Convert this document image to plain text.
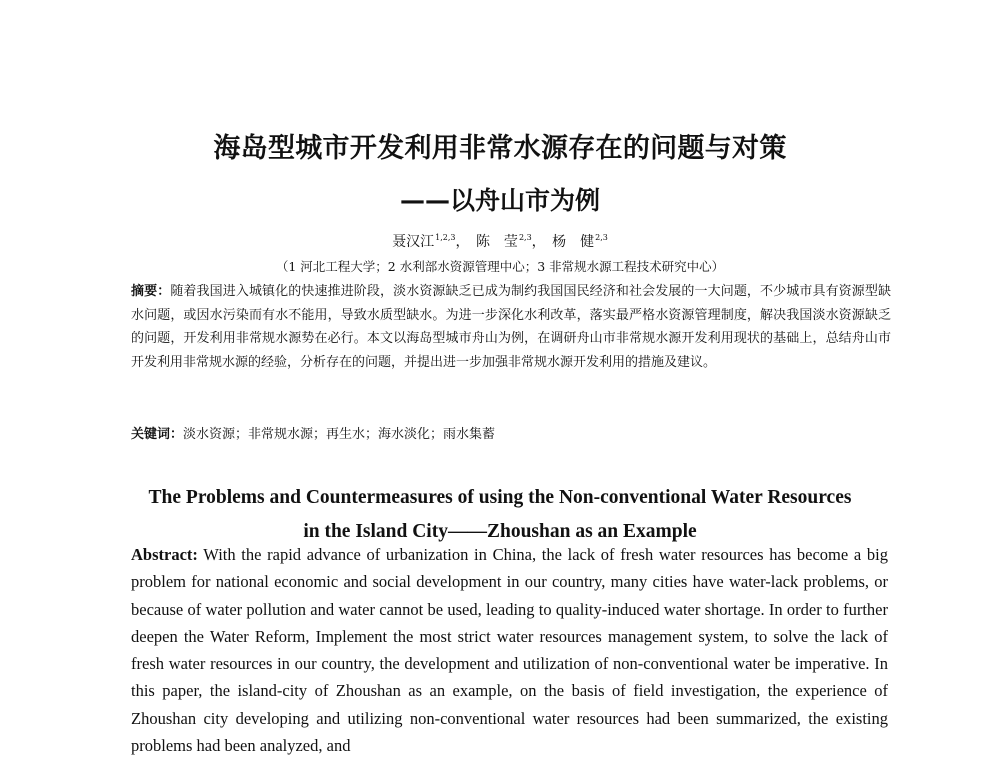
海岛型城市开发利用非常水源存在的问题与对策
——以舟山市为例
聂汉江$^{1,2,3}$， 陈　莹$^{2,3}$， 杨　健$^{2,3}$
（1 河北工程大学；2 水利部水资源管理中心；3 非常规水源工程技术研究中心）
摘要：随着我国进入城镇化的快速推进阶段，淡水资源缺乏已成为制约我国国民经济和社会发展的一大问题，不少城市具有资源型缺水问题，或因水污染而有水不能用，导致水质型缺水。为进一步深化水利改革，落实最严格水资源管理制度，解决我国淡水资源缺乏的问题，开发利用非常规水源势在必行。本文以海岛型城市舟山为例，在调研舟山市非常规水源开发利用现状的基础上，总结舟山市开发利用非常规水源的经验，分析存在的问题，并提出进一步加强非常规水源开发利用的措施及建议。
关键词：淡水资源；非常规水源；再生水；海水淡化；雨水集蓄
The Problems and Countermeasures of using the Non-conventional Water Resources
in the Island City——Zhoushan as an Example
Abstract: With the rapid advance of urbanization in China, the lack of fresh water resources has become a big problem for national economic and social development in our country, many cities have water-lack problems, or because of water pollution and water cannot be used, leading to quality-induced water shortage. In order to further deepen the Water Reform, Implement the most strict water resources management system, to solve the lack of fresh water resources in our country, the development and utilization of non-conventional water be imperative. In this paper, the island-city of Zhoushan as an example, on the basis of field investigation, the experience of Zhoushan city developing and utilizing non-conventional water resources had been summarized, the existing problems had been analyzed, and
